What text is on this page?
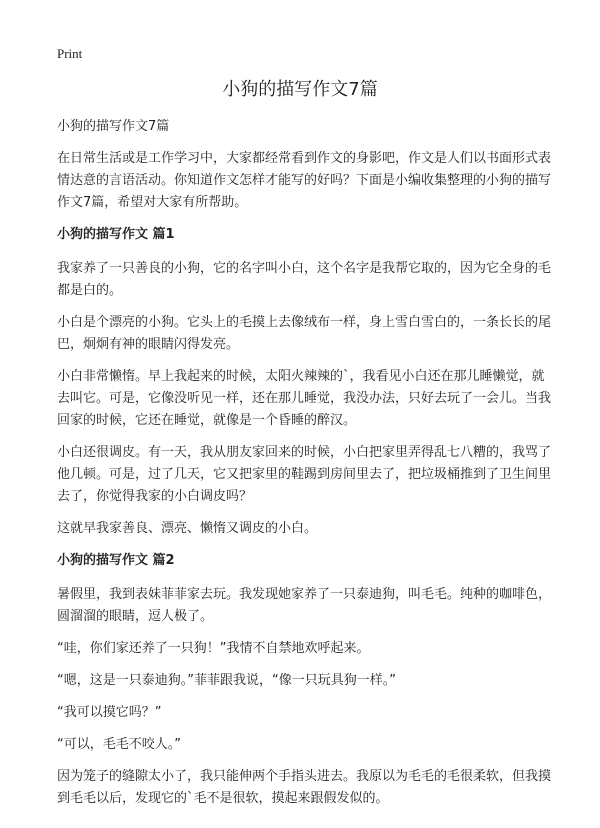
Print
小狗的描写作文7篇
小狗的描写作文7篇

在日常生活或是工作学习中，大家都经常看到作文的身影吧，作文是人们以书面形式表情达意的言语活动。你知道作文怎样才能写的好吗？下面是小编收集整理的小狗的描写作文7篇，希望对大家有所帮助。

小狗的描写作文 篇1

我家养了一只善良的小狗，它的名字叫小白，这个名字是我帮它取的，因为它全身的毛都是白的。

小白是个漂亮的小狗。它头上的毛摸上去像绒布一样，身上雪白雪白的，一条长长的尾巴，炯炯有神的眼睛闪得发亮。

小白非常懒惰。早上我起来的时候，太阳火辣辣的`，我看见小白还在那儿睡懒觉，就去叫它。可是，它像没听见一样，还在那儿睡觉，我没办法，只好去玩了一会儿。当我回家的时候，它还在睡觉，就像是一个昏睡的醉汉。

小白还很调皮。有一天，我从朋友家回来的时候，小白把家里弄得乱七八糟的，我骂了他几顿。可是，过了几天，它又把家里的鞋踢到房间里去了，把垃圾桶推到了卫生间里去了，你觉得我家的小白调皮吗？

这就早我家善良、漂亮、懒惰又调皮的小白。

小狗的描写作文 篇2

暑假里，我到表妹菲菲家去玩。我发现她家养了一只泰迪狗，叫毛毛。纯种的咖啡色，圆溜溜的眼睛，逗人极了。

“哇，你们家还养了一只狗！”我情不自禁地欢呼起来。

“嗯，这是一只泰迪狗。”菲菲跟我说，“像一只玩具狗一样。”

“我可以摸它吗？”

“可以，毛毛不咬人。”

因为笼子的缝隙太小了，我只能伸两个手指头进去。我原以为毛毛的毛很柔软，但我摸到毛毛以后，发现它的`毛不是很软，摸起来跟假发似的。
